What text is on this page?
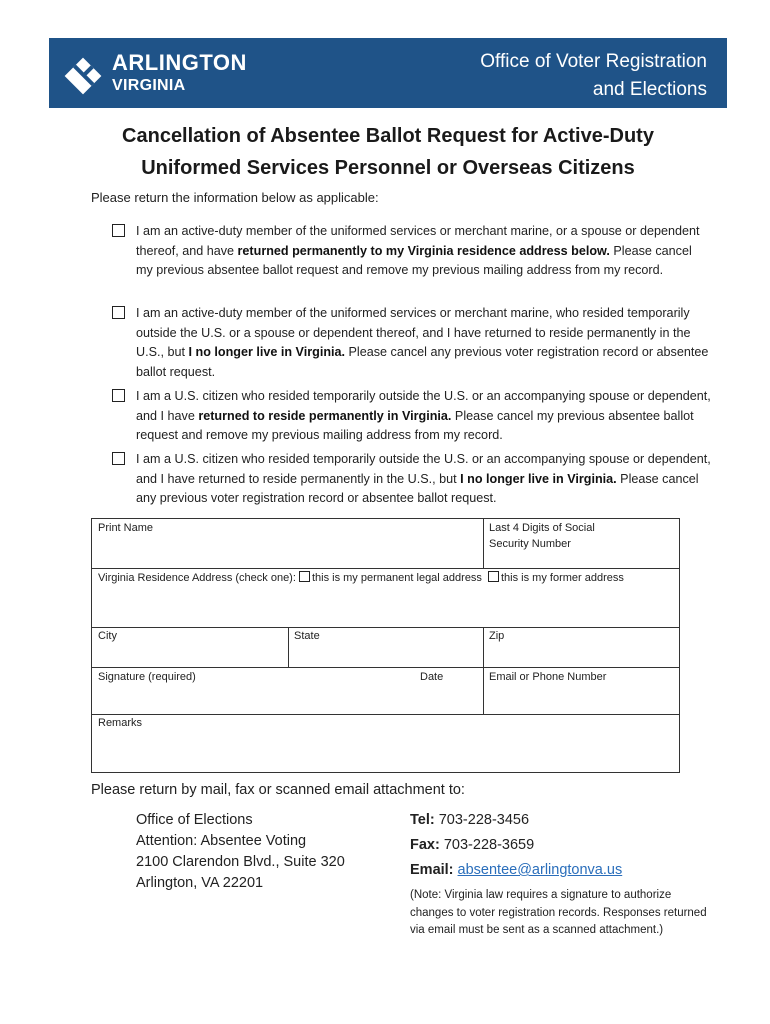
ARLINGTON
VIRGINIA
Office of Voter Registration
and Elections
Cancellation of Absentee Ballot Request for Active-Duty
Uniformed Services Personnel or Overseas Citizens
Please return the information below as applicable:
I am an active-duty member of the uniformed services or merchant marine, or a spouse or dependent thereof, and have returned permanently to my Virginia residence address below. Please cancel my previous absentee ballot request and remove my previous mailing address from my record.
I am an active-duty member of the uniformed services or merchant marine, who resided temporarily outside the U.S. or a spouse or dependent thereof, and I have returned to reside permanently in the U.S., but I no longer live in Virginia. Please cancel any previous voter registration record or absentee ballot request.
I am a U.S. citizen who resided temporarily outside the U.S. or an accompanying spouse or dependent, and I have returned to reside permanently in Virginia. Please cancel my previous absentee ballot request and remove my previous mailing address from my record.
I am a U.S. citizen who resided temporarily outside the U.S. or an accompanying spouse or dependent, and I have returned to reside permanently in the U.S., but I no longer live in Virginia. Please cancel any previous voter registration record or absentee ballot request.
Print Name	Last 4 Digits of Social
Security Number
Virginia Residence Address (check one): this is my permanent legal address this is my former address
City	State	Zip
Signature (required)	Date	Email or Phone Number
Remarks
Please return by mail, fax or scanned email attachment to:
Office of Elections
Attention: Absentee Voting
2100 Clarendon Blvd., Suite 320
Arlington, VA 22201
Tel: 703-228-3456
Fax: 703-228-3659
Email: absentee@arlingtonva.us
(Note: Virginia law requires a signature to authorize changes to voter registration records. Responses returned via email must be sent as a scanned attachment.)
